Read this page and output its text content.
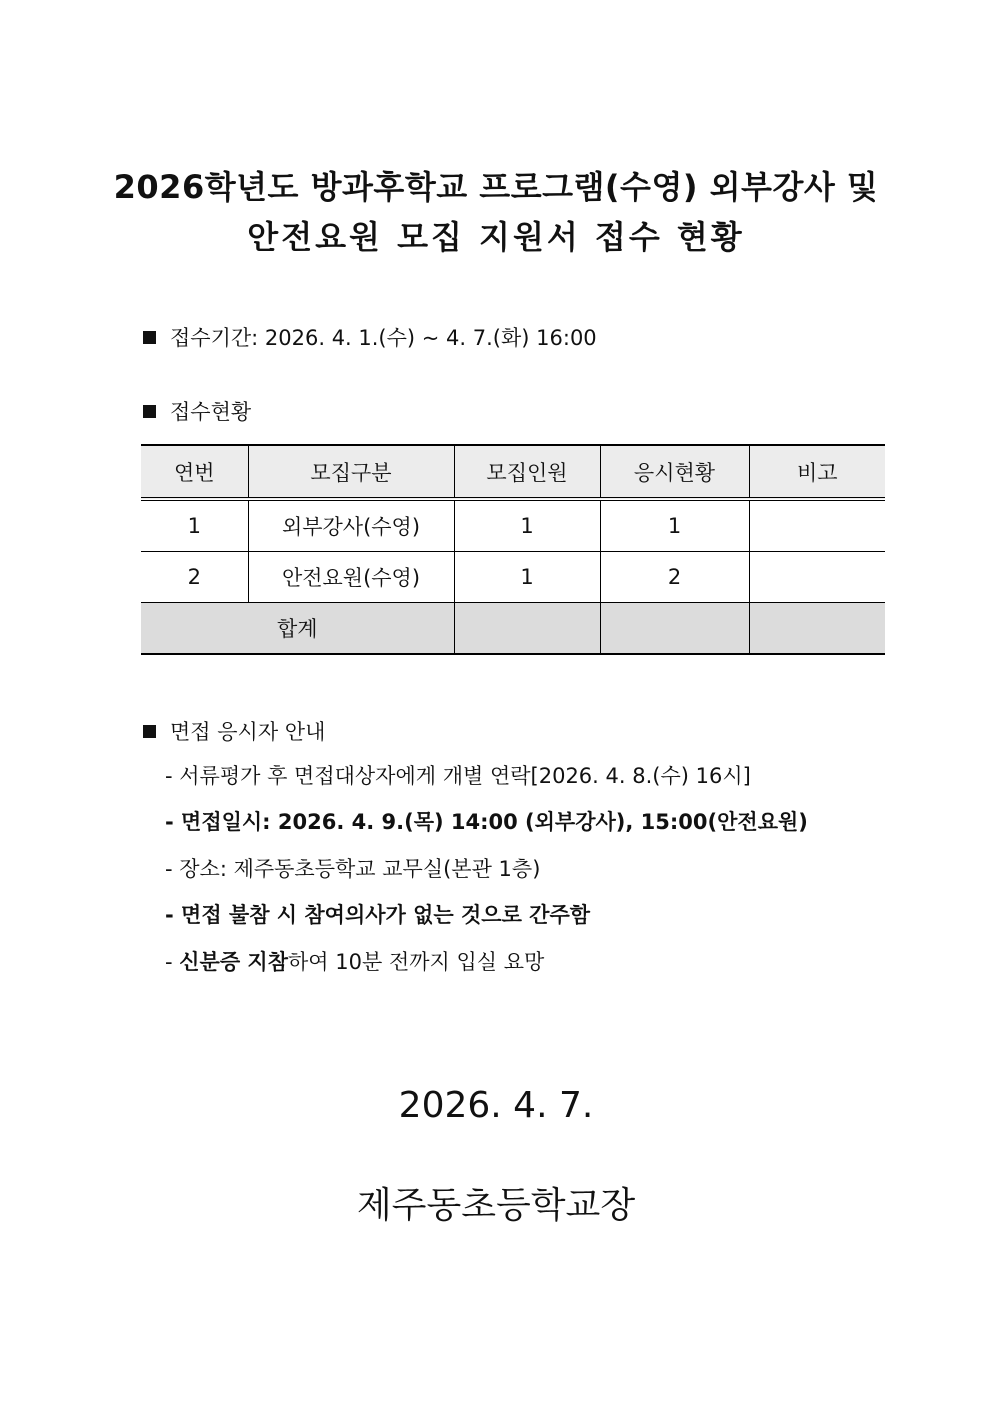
2026학년도 방과후학교 프로그램(수영) 외부강사 및
안전요원 모집 지원서 접수 현황
접수기간: 2026. 4. 1.(수) ~ 4. 7.(화) 16:00
접수현황
연번	모집구분	모집인원	응시현황	비고
1	외부강사(수영)	1	1	
2	안전요원(수영)	1	2	
합계				
면접 응시자 안내
- 서류평가 후 면접대상자에게 개별 연락[2026. 4. 8.(수) 16시]
- 면접일시: 2026. 4. 9.(목) 14:00 (외부강사), 15:00(안전요원)
- 장소: 제주동초등학교 교무실(본관 1층)
- 면접 불참 시 참여의사가 없는 것으로 간주함
- 신분증 지참하여 10분 전까지 입실 요망
2026. 4. 7.
제주동초등학교장
